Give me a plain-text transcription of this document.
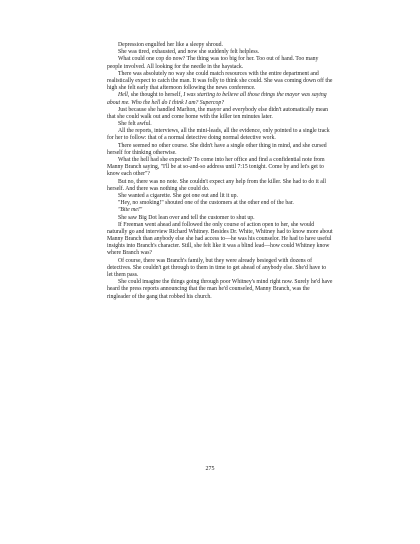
Depression engulfed her like a sleepy shroud.

She was tired, exhausted, and now she suddenly felt helpless.

What could one cop do now? The thing was too big for her. Too out of hand. Too many people involved. All looking for the needle in the haystack.

There was absolutely no way she could match resources with the entire department and realistically expect to catch the man. It was folly to think she could. She was coming down off the high she felt early that afternoon following the news conference.

Hell, she thought to herself, I was starting to believe all those things the mayor was saying about me. Who the hell do I think I am? Supercop?

Just because she handled Marlton, the mayor and everybody else didn't automatically mean that she could walk out and come home with the killer ten minutes later.

She felt awful.

All the reports, interviews, all the mini-leads, all the evidence, only pointed to a single track for her to follow: that of a normal detective doing normal detective work.

There seemed no other course. She didn't have a single other thing in mind, and she cursed herself for thinking otherwise.

What the hell had she expected? To come into her office and find a confidential note from Manny Branch saying, "I'll be at so-and-so address until 7:15 tonight. Come by and let's get to know each other"?

But no, there was no note. She couldn't expect any help from the killer. She had to do it all herself. And there was nothing she could do.

She wanted a cigarette. She got one out and lit it up.

"Hey, no smoking!" shouted one of the customers at the other end of the bar.

"Bite me!"

She saw Big Dot lean over and tell the customer to shut up.

If Freeman went ahead and followed the only course of action open to her, she would naturally go and interview Richard Whitney. Besides Dr. White, Whitney had to know more about Manny Branch than anybody else she had access to—he was his counselor. He had to have useful insights into Branch's character. Still, she felt like it was a blind lead—how could Whitney know where Branch was?

Of course, there was Branch's family, but they were already besieged with dozens of detectives. She couldn't get through to them in time to get ahead of anybody else. She'd have to let them pass.

She could imagine the things going through poor Whitney's mind right now. Surely he'd have heard the press reports announcing that the man he'd counseled, Manny Branch, was the ringleader of the gang that robbed his church.

275
